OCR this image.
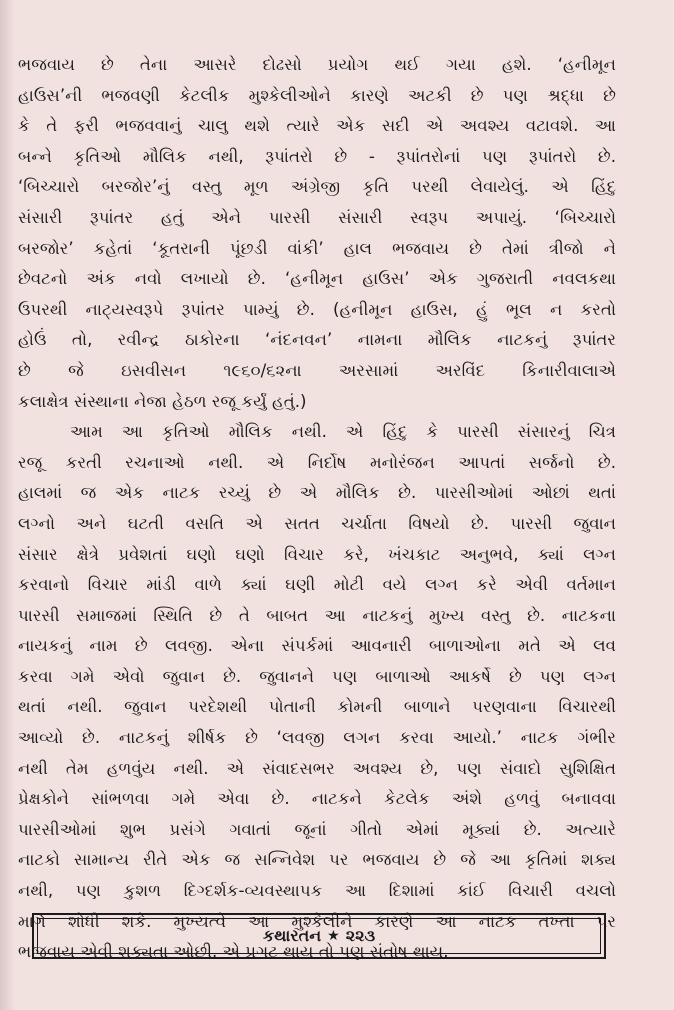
ભજવાય છે તેના આસરે દોઢસો પ્રયોગ થઈ ગયા હશે. ‘હનીમૂન
હાઉસ’ની ભજવણી કેટલીક મુશ્કેલીઓને કારણે અટકી છે પણ શ્રદ્ધા છે
કે તે ફરી ભજવવાનું ચાલુ થશે ત્યારે એક સદી એ અવશ્ય વટાવશે. આ
બન્ને કૃતિઓ મૌલિક નથી, રૂપાંતરો છે - રૂપાંતરોનાં પણ રૂપાંતરો છે.
‘બિચ્ચારો બરજોર’નું વસ્તુ મૂળ અંગ્રેજી કૃતિ પરથી લેવાયેલું. એ હિંદુ
સંસારી રૂપાંતર હતું એને પારસી સંસારી સ્વરૂપ અપાયું. ‘બિચ્ચારો
બરજોર’ કહેતાં ‘કૂતરાની પૂંછડી વાંકી’ હાલ ભજવાય છે તેમાં ત્રીજો ને
છેવટનો અંક નવો લખાયો છે. ‘હનીમૂન હાઉસ’ એક ગુજરાતી નવલકથા
ઉપરથી નાટ્યસ્વરૂપે રૂપાંતર પામ્યું છે. (હનીમૂન હાઉસ, હું ભૂલ ન કરતો
હોઉં તો, રવીન્દ્ર ઠાકોરના ‘નંદનવન’ નામના મૌલિક નાટકનું રૂપાંતર
છે જે ઇસવીસન ૧૯૬૦/૬૨ના અરસામાં અરવિંદ કિનારીવાલાએ
કલાક્ષેત્ર સંસ્થાના નેજા હેઠળ રજૂ કર્યું હતું.)
આમ આ કૃતિઓ મૌલિક નથી. એ હિંદુ કે પારસી સંસારનું ચિત્ર
રજૂ કરતી રચનાઓ નથી. એ નિર્દોષ મનોરંજન આપતાં સર્જનો છે.
હાલમાં જ એક નાટક રચ્યું છે એ મૌલિક છે. પારસીઓમાં ઓછાં થતાં
લગ્નો અને ઘટતી વસતિ એ સતત ચર્ચાતા વિષયો છે. પારસી જુવાન
સંસાર ક્ષેત્રે પ્રવેશતાં ઘણો ઘણો વિચાર કરે, ખંચકાટ અનુભવે, ક્યાં લગ્ન
કરવાનો વિચાર માંડી વાળે ક્યાં ઘણી મોટી વયે લગ્ન કરે એવી વર્તમાન
પારસી સમાજમાં સ્થિતિ છે તે બાબત આ નાટકનું મુખ્ય વસ્તુ છે. નાટકના
નાયકનું નામ છે લવજી. એના સંપર્કમાં આવનારી બાળાઓના મતે એ લવ
કરવા ગમે એવો જુવાન છે. જુવાનને પણ બાળાઓ આકર્ષે છે પણ લગ્ન
થતાં નથી. જુવાન પરદેશથી પોતાની કોમની બાળાને પરણવાના વિચારથી
આવ્યો છે. નાટકનું શીર્ષક છે ‘લવજી લગન કરવા આયો.’ નાટક ગંભીર
નથી તેમ હળવુંય નથી. એ સંવાદસભર અવશ્ય છે, પણ સંવાદો સુશિક્ષિત
પ્રેક્ષકોને સાંભળવા ગમે એવા છે. નાટકને કેટલેક અંશે હળવું બનાવવા
પારસીઓમાં શુભ પ્રસંગે ગવાતાં જૂનાં ગીતો એમાં મૂક્યાં છે. અત્યારે
નાટકો સામાન્ય રીતે એક જ સન્નિવેશ પર ભજવાય છે જે આ કૃતિમાં શક્ય
નથી, પણ કુશળ દિગ્દર્શક-વ્યવસ્થાપક આ દિશામાં કાંઈ વિચારી વચલો
માર્ગ શોધી શકે. મુખ્યત્વે આ મુશ્કેલીને કારણે આ નાટક તખ્તા પર
ભજવાય એવી શક્યતા ઓછી. એ પ્રગટ થાય તો પણ સંતોષ થાય.
કથારતન ★ ૨૨૩
